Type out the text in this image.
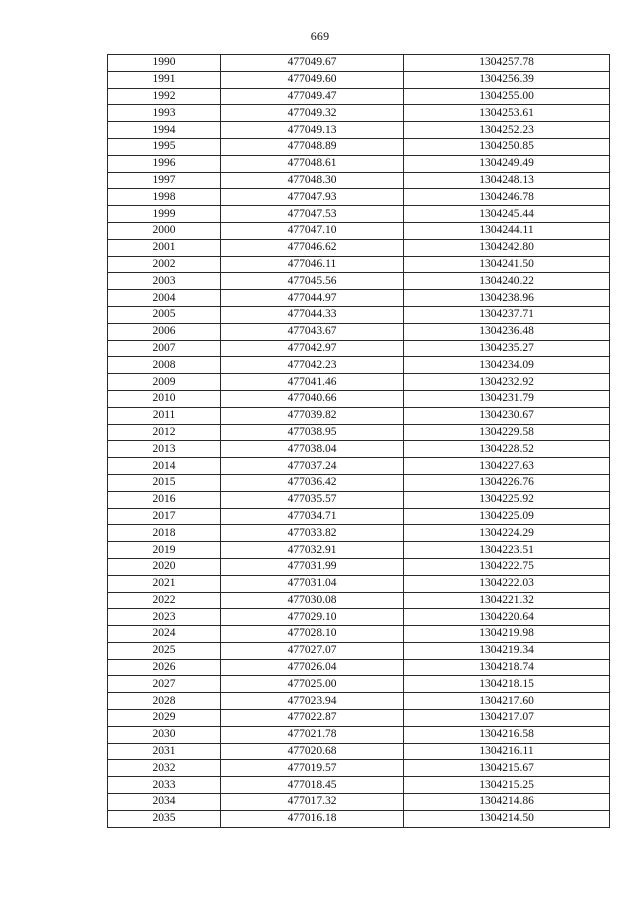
669
1990	477049.67	1304257.78
1991	477049.60	1304256.39
1992	477049.47	1304255.00
1993	477049.32	1304253.61
1994	477049.13	1304252.23
1995	477048.89	1304250.85
1996	477048.61	1304249.49
1997	477048.30	1304248.13
1998	477047.93	1304246.78
1999	477047.53	1304245.44
2000	477047.10	1304244.11
2001	477046.62	1304242.80
2002	477046.11	1304241.50
2003	477045.56	1304240.22
2004	477044.97	1304238.96
2005	477044.33	1304237.71
2006	477043.67	1304236.48
2007	477042.97	1304235.27
2008	477042.23	1304234.09
2009	477041.46	1304232.92
2010	477040.66	1304231.79
2011	477039.82	1304230.67
2012	477038.95	1304229.58
2013	477038.04	1304228.52
2014	477037.24	1304227.63
2015	477036.42	1304226.76
2016	477035.57	1304225.92
2017	477034.71	1304225.09
2018	477033.82	1304224.29
2019	477032.91	1304223.51
2020	477031.99	1304222.75
2021	477031.04	1304222.03
2022	477030.08	1304221.32
2023	477029.10	1304220.64
2024	477028.10	1304219.98
2025	477027.07	1304219.34
2026	477026.04	1304218.74
2027	477025.00	1304218.15
2028	477023.94	1304217.60
2029	477022.87	1304217.07
2030	477021.78	1304216.58
2031	477020.68	1304216.11
2032	477019.57	1304215.67
2033	477018.45	1304215.25
2034	477017.32	1304214.86
2035	477016.18	1304214.50
